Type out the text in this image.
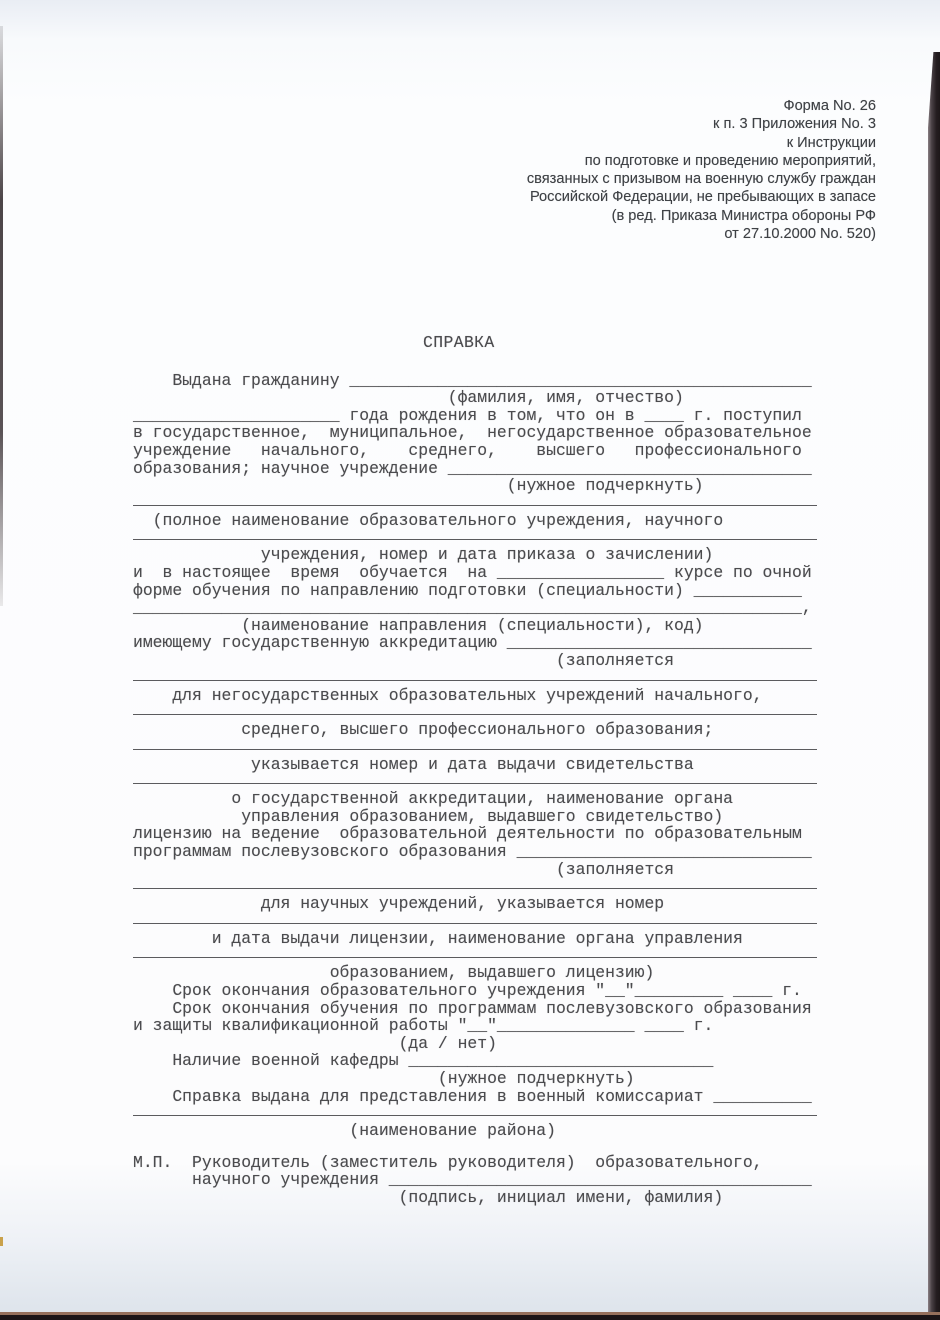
Форма No. 26
к п. 3 Приложения No. 3
к Инструкции
по подготовке и проведению мероприятий,
связанных с призывом на военную службу граждан
Российской Федерации, не пребывающих в запасе
(в ред. Приказа Министра обороны РФ
от 27.10.2000 No. 520)
СПРАВКА
Выдана гражданину _______________________________________________
(фамилия, имя, отчество)
_____________________ года рождения в том, что он в ____ г. поступил
в государственное,  муниципальное,  негосударственное образовательное
учреждение   начального,    среднего,    высшего   профессионального
образования; научное учреждение _____________________________________
(нужное подчеркнуть)
(полное наименование образовательного учреждения, научного
учреждения, номер и дата приказа о зачислении)
и  в настоящее  время  обучается  на _________________ курсе по очной
форме обучения по направлению подготовки (специальности) ___________
____________________________________________________________________,
(наименование направления (специальности), код)
имеющему государственную аккредитацию _______________________________
(заполняется
для негосударственных образовательных учреждений начального,
среднего, высшего профессионального образования;
указывается номер и дата выдачи свидетельства
о государственной аккредитации, наименование органа
управления образованием, выдавшего свидетельство)
лицензию на ведение  образовательной деятельности по образовательным
программам послевузовского образования ______________________________
(заполняется
для научных учреждений, указывается номер
и дата выдачи лицензии, наименование органа управления
образованием, выдавшего лицензию)
Срок окончания образовательного учреждения "__"_________ ____ г.
Срок окончания обучения по программам послевузовского образования
и защиты квалификационной работы "__"______________ ____ г.
(да / нет)
Наличие военной кафедры _______________________________
(нужное подчеркнуть)
Справка выдана для представления в военный комиссариат __________
(наименование района)
М.П.  Руководитель (заместитель руководителя)  образовательного,
научного учреждения ___________________________________________
(подпись, инициал имени, фамилия)
